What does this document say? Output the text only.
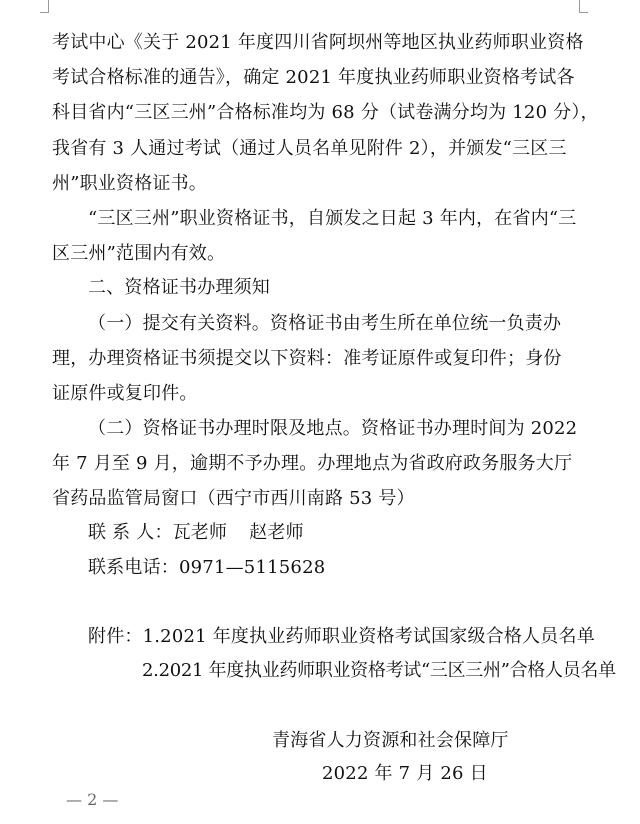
考试中心《关于 2021 年度四川省阿坝州等地区执业药师职业资格
考试合格标准的通告》，确定 2021 年度执业药师职业资格考试各
科目省内“三区三州”合格标准均为 68 分（试卷满分均为 120 分），
我省有 3 人通过考试（通过人员名单见附件 2），并颁发“三区三
州”职业资格证书。
“三区三州”职业资格证书，自颁发之日起 3 年内，在省内“三
区三州”范围内有效。
二、资格证书办理须知
（一）提交有关资料。资格证书由考生所在单位统一负责办
理，办理资格证书须提交以下资料：准考证原件或复印件；身份
证原件或复印件。
（二）资格证书办理时限及地点。资格证书办理时间为 2022
年 7 月至 9 月，逾期不予办理。办理地点为省政府政务服务大厅
省药品监管局窗口（西宁市西川南路 53 号）
联 系 人：瓦老师 赵老师
联系电话：0971—5115628
附件：1.2021 年度执业药师职业资格考试国家级合格人员名单
2.2021 年度执业药师职业资格考试“三区三州”合格人员名单
青海省人力资源和社会保障厅
2022 年 7 月 26 日
— 2 —
